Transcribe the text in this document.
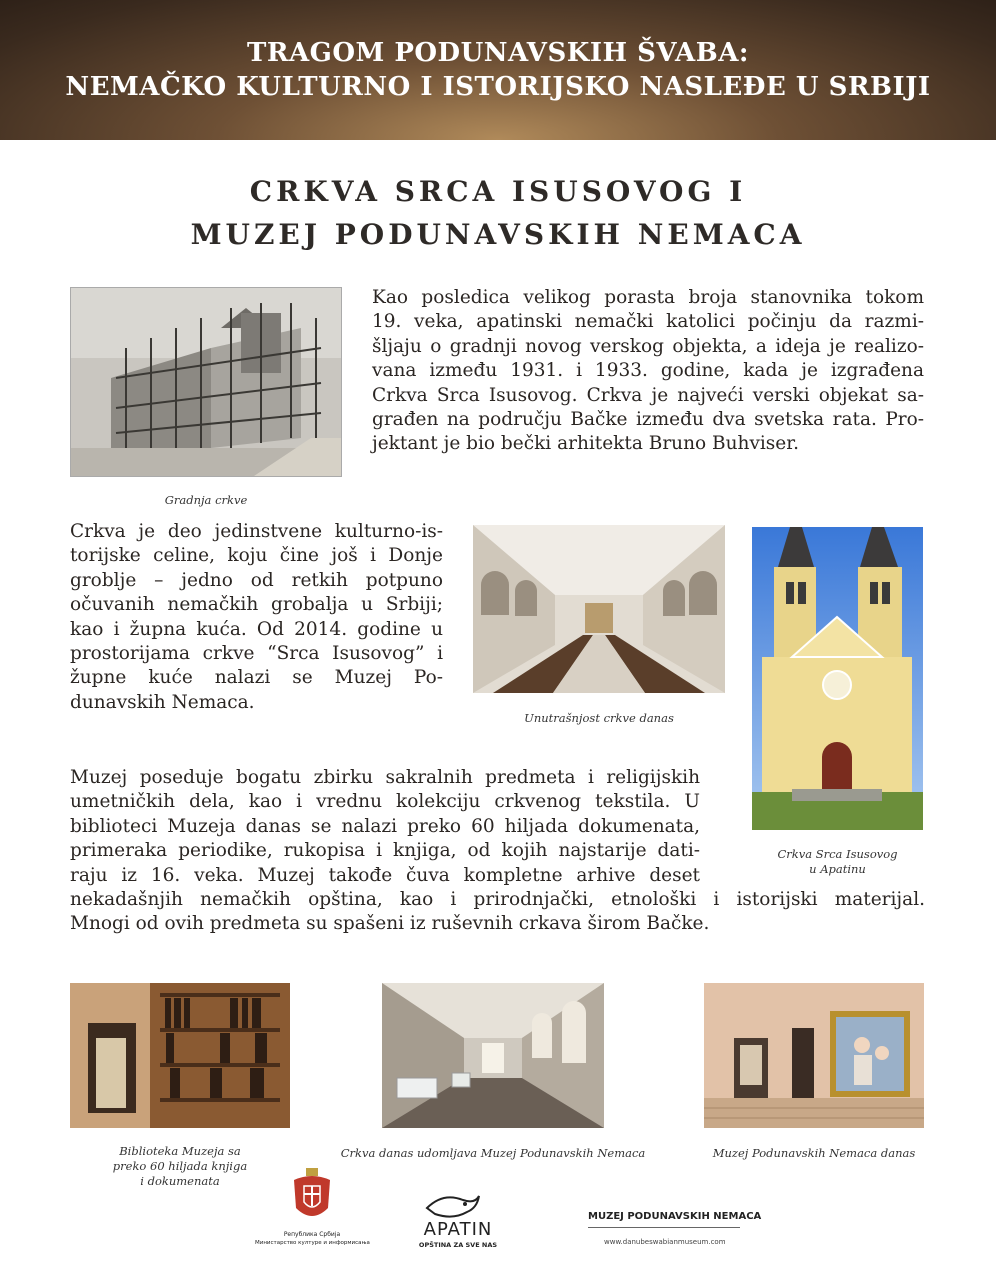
TRAGOM PODUNAVSKIH ŠVABA:
NEMAČKO KULTURNO I ISTORIJSKO NASLEĐE U SRBIJI
CRKVA SRCA ISUSOVOG I
MUZEJ PODUNAVSKIH NEMACA
Gradnja crkve
Kao posledica velikog porasta broja stanovnika tokom
19. veka, apatinski nemački katolici počinju da razmi-
šljaju o gradnji novog verskog objekta, a ideja je realizo-
vana između 1931. i 1933. godine, kada je izgrađena
Crkva Srca Isusovog. Crkva je najveći verski objekat sa-
građen na području Bačke između dva svetska rata. Pro-
jektant je bio bečki arhitekta Bruno Buhviser.
Crkva je deo jedinstvene kulturno-is-
torijske celine, koju čine još i Donje
groblje – jedno od retkih potpuno
očuvanih nemačkih grobalja u Srbiji;
kao i župna kuća. Od 2014. godine u
prostorijama crkve “Srca Isusovog” i
župne kuće nalazi se Muzej Po-
dunavskih Nemaca.
Unutrašnjost crkve danas
Crkva Srca Isusovog
u Apatinu
Muzej poseduje bogatu zbirku sakralnih predmeta i religijskih
umetničkih dela, kao i vrednu kolekciju crkvenog tekstila. U
biblioteci Muzeja danas se nalazi preko 60 hiljada dokumenata,
primeraka periodike, rukopisa i knjiga, od kojih najstarije dati-
raju iz 16. veka. Muzej takođe čuva kompletne arhive deset
nekadašnjih nemačkih opština, kao i prirodnjački, etnološki i istorijski materijal.
Mnogi od ovih predmeta su spašeni iz ruševnih crkava širom Bačke.
Biblioteka Muzeja sa
preko 60 hiljada knjiga
i dokumenata
Crkva danas udomljava Muzej Podunavskih Nemaca	Muzej Podunavskih Nemaca danas
Република Србија
Министарство културе и информисања
APATIN
OPŠTINA ZA SVE NAS
MUZEJ PODUNAVSKIH NEMACA
www.danubeswabianmuseum.com
